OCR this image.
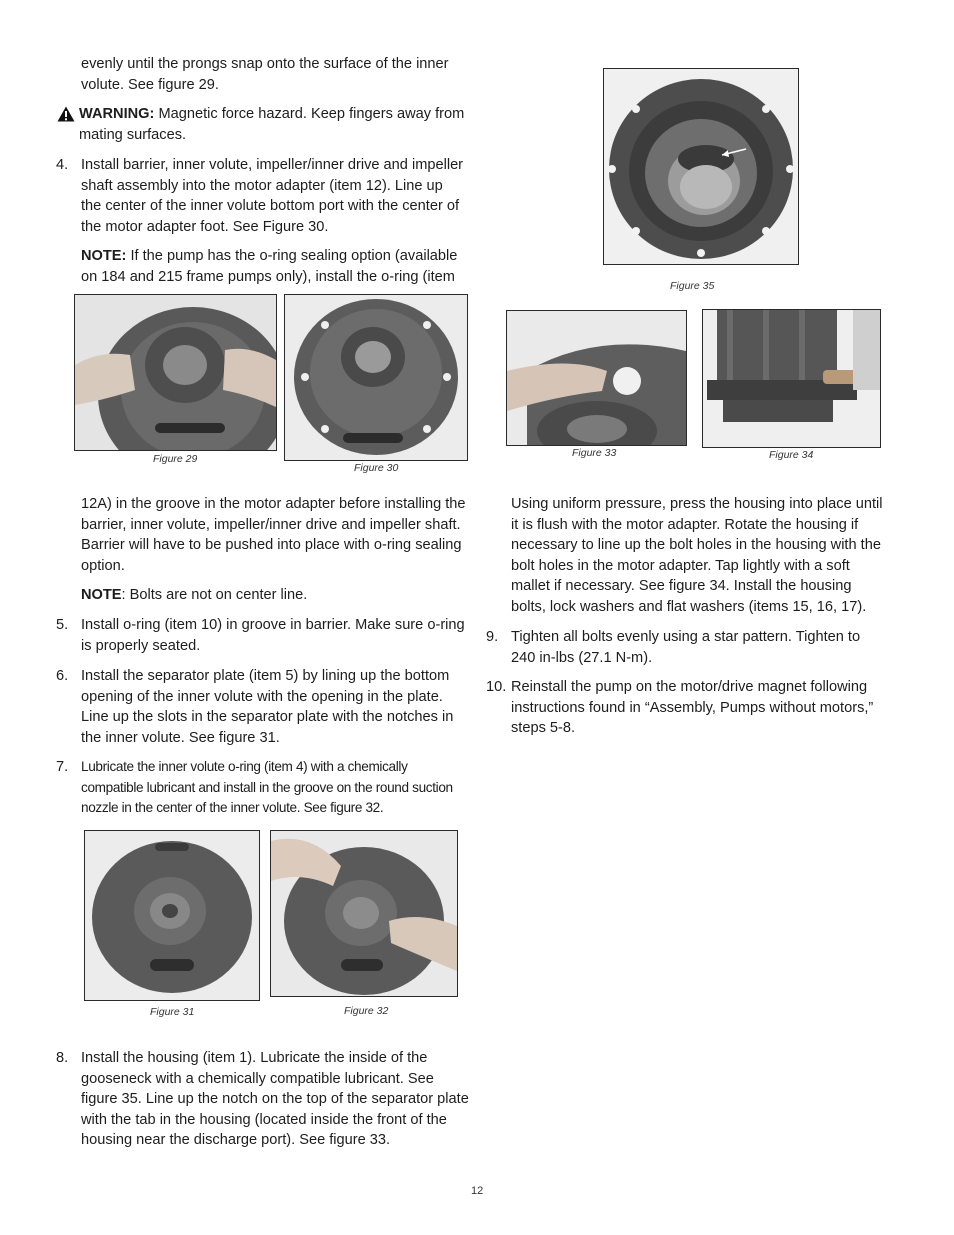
evenly until the prongs snap onto the surface of the inner volute. See figure 29.

WARNING: Magnetic force hazard. Keep fingers away from mating surfaces.

4. Install barrier, inner volute, impeller/inner drive and impeller shaft assembly into the motor adapter (item 12). Line up the center of the inner volute bottom port with the center of the motor adapter foot. See Figure 30.

NOTE: If the pump has the o-ring sealing option (available on 184 and 215 frame pumps only), install the o-ring (item

Figure 29
Figure 30

12A) in the groove in the motor adapter before installing the barrier, inner volute, impeller/inner drive and impeller shaft. Barrier will have to be pushed into place with o-ring sealing option.

NOTE: Bolts are not on center line.

5. Install o-ring (item 10) in groove in barrier. Make sure o-ring is properly seated.

6. Install the separator plate (item 5) by lining up the bottom opening of the inner volute with the opening in the plate. Line up the slots in the separator plate with the notches in the inner volute. See figure 31.

7. Lubricate the inner volute o-ring (item 4) with a chemically compatible lubricant and install in the groove on the round suction nozzle in the center of the inner volute. See figure 32.

Figure 31	Figure 32
8. Install the housing (item 1). Lubricate the inside of the gooseneck with a chemically compatible lubricant. See figure 35. Line up the notch on the top of the separator plate with the tab in the housing (located inside the front of the housing near the discharge port). See figure 33.

Figure 35
Figure 33	Figure 34

Using uniform pressure, press the housing into place until it is flush with the motor adapter. Rotate the housing if necessary to line up the bolt holes in the housing with the bolt holes in the motor adapter. Tap lightly with a soft mallet if necessary. See figure 34. Install the housing bolts, lock washers and flat washers (items 15, 16, 17).

9. Tighten all bolts evenly using a star pattern. Tighten to 240 in-lbs (27.1 N-m).

10. Reinstall the pump on the motor/drive magnet following instructions found in “Assembly, Pumps without motors,” steps 5-8.

12
